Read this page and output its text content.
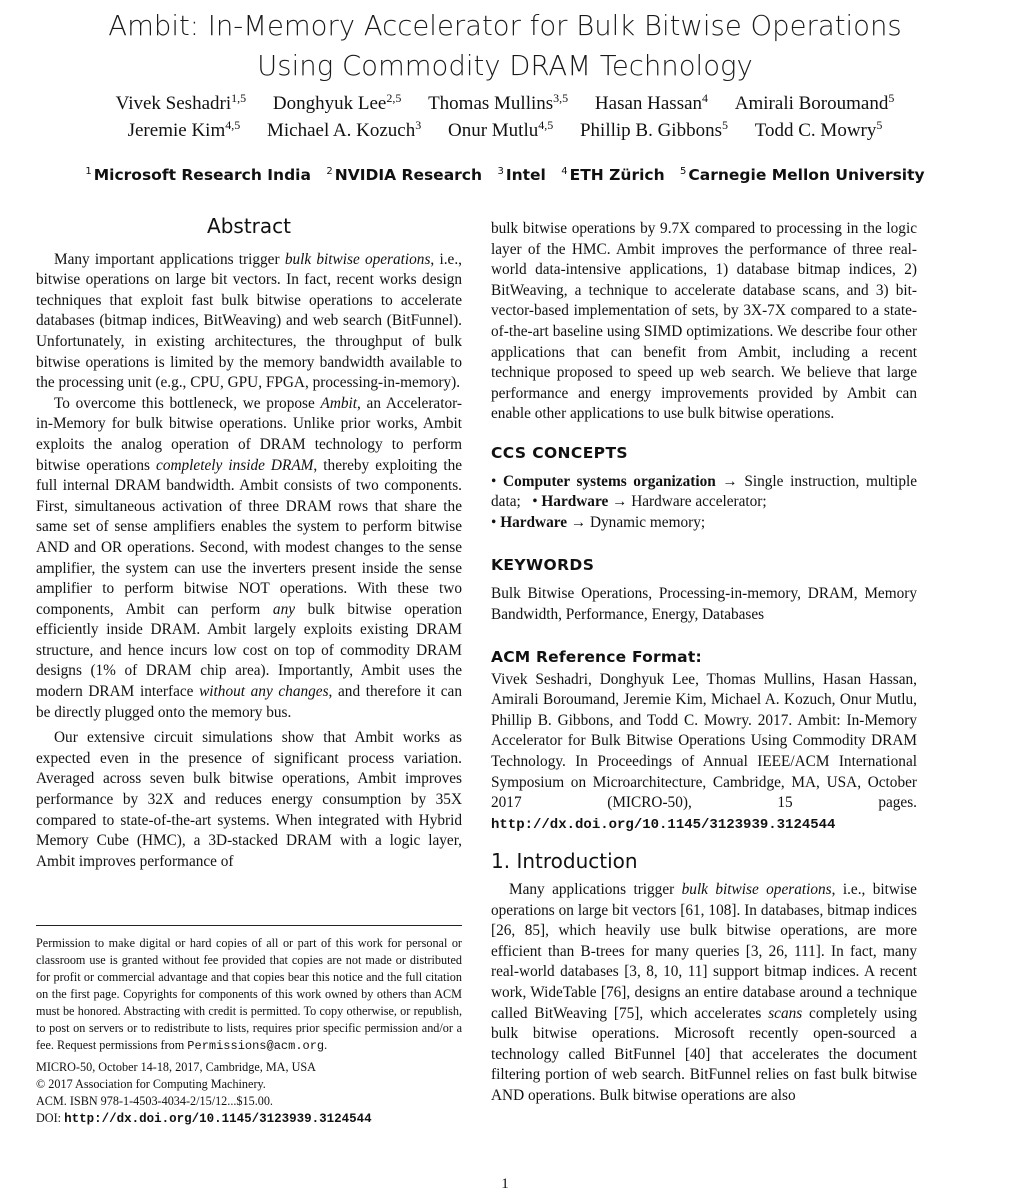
Ambit: In-Memory Accelerator for Bulk Bitwise Operations
Using Commodity DRAM Technology
Vivek Seshadri$^{1,5}$ Donghyuk Lee$^{2,5}$ Thomas Mullins$^{3,5}$ Hasan Hassan$^4$ Amirali Boroumand$^5$
Jeremie Kim$^{4,5}$ Michael A. Kozuch$^3$ Onur Mutlu$^{4,5}$ Phillip B. Gibbons$^5$ Todd C. Mowry$^5$
$^1$ Microsoft Research India $^2$ NVIDIA Research $^3$ Intel $^4$ ETH Zürich $^5$ Carnegie Mellon University
Abstract

Many important applications trigger bulk bitwise operations, i.e., bitwise operations on large bit vectors. In fact, recent works design techniques that exploit fast bulk bitwise operations to accelerate databases (bitmap indices, BitWeaving) and web search (BitFunnel). Unfortunately, in existing architectures, the throughput of bulk bitwise operations is limited by the memory bandwidth available to the processing unit (e.g., CPU, GPU, FPGA, processing-in-memory).

To overcome this bottleneck, we propose Ambit, an Accelerator-in-Memory for bulk bitwise operations. Unlike prior works, Ambit exploits the analog operation of DRAM technology to perform bitwise operations completely inside DRAM, thereby exploiting the full internal DRAM bandwidth. Ambit consists of two components. First, simultaneous activation of three DRAM rows that share the same set of sense amplifiers enables the system to perform bitwise AND and OR operations. Second, with modest changes to the sense amplifier, the system can use the inverters present inside the sense amplifier to perform bitwise NOT operations. With these two components, Ambit can perform any bulk bitwise operation efficiently inside DRAM. Ambit largely exploits existing DRAM structure, and hence incurs low cost on top of commodity DRAM designs (1% of DRAM chip area). Importantly, Ambit uses the modern DRAM interface without any changes, and therefore it can be directly plugged onto the memory bus.

Our extensive circuit simulations show that Ambit works as expected even in the presence of significant process variation. Averaged across seven bulk bitwise operations, Ambit improves performance by 32X and reduces energy consumption by 35X compared to state-of-the-art systems. When integrated with Hybrid Memory Cube (HMC), a 3D-stacked DRAM with a logic layer, Ambit improves performance of

Permission to make digital or hard copies of all or part of this work for personal or classroom use is granted without fee provided that copies are not made or distributed for profit or commercial advantage and that copies bear this notice and the full citation on the first page. Copyrights for components of this work owned by others than ACM must be honored. Abstracting with credit is permitted. To copy otherwise, or republish, to post on servers or to redistribute to lists, requires prior specific permission and/or a fee. Request permissions from Permissions@acm.org.
MICRO-50, October 14-18, 2017, Cambridge, MA, USA
© 2017 Association for Computing Machinery.
ACM. ISBN 978-1-4503-4034-2/15/12...$15.00.
DOI: http://dx.doi.org/10.1145/3123939.3124544

bulk bitwise operations by 9.7X compared to processing in the logic layer of the HMC. Ambit improves the performance of three real-world data-intensive applications, 1) database bitmap indices, 2) BitWeaving, a technique to accelerate database scans, and 3) bit-vector-based implementation of sets, by 3X-7X compared to a state-of-the-art baseline using SIMD optimizations. We describe four other applications that can benefit from Ambit, including a recent technique proposed to speed up web search. We believe that large performance and energy improvements provided by Ambit can enable other applications to use bulk bitwise operations.

CCS CONCEPTS

• Computer systems organization → Single instruction, multiple data; • Hardware → Hardware accelerator;
• Hardware → Dynamic memory;

KEYWORDS

Bulk Bitwise Operations, Processing-in-memory, DRAM, Memory Bandwidth, Performance, Energy, Databases

ACM Reference Format:

Vivek Seshadri, Donghyuk Lee, Thomas Mullins, Hasan Hassan, Amirali Boroumand, Jeremie Kim, Michael A. Kozuch, Onur Mutlu, Phillip B. Gibbons, and Todd C. Mowry. 2017. Ambit: In-Memory Accelerator for Bulk Bitwise Operations Using Commodity DRAM Technology. In Proceedings of Annual IEEE/ACM International Symposium on Microarchitecture, Cambridge, MA, USA, October 2017 (MICRO-50), 15 pages. http://dx.doi.org/10.1145/3123939.3124544

1. Introduction

Many applications trigger bulk bitwise operations, i.e., bitwise operations on large bit vectors [61, 108]. In databases, bitmap indices [26, 85], which heavily use bulk bitwise operations, are more efficient than B-trees for many queries [3, 26, 111]. In fact, many real-world databases [3, 8, 10, 11] support bitmap indices. A recent work, WideTable [76], designs an entire database around a technique called BitWeaving [75], which accelerates scans completely using bulk bitwise operations. Microsoft recently open-sourced a technology called BitFunnel [40] that accelerates the document filtering portion of web search. BitFunnel relies on fast bulk bitwise AND operations. Bulk bitwise operations are also

1
